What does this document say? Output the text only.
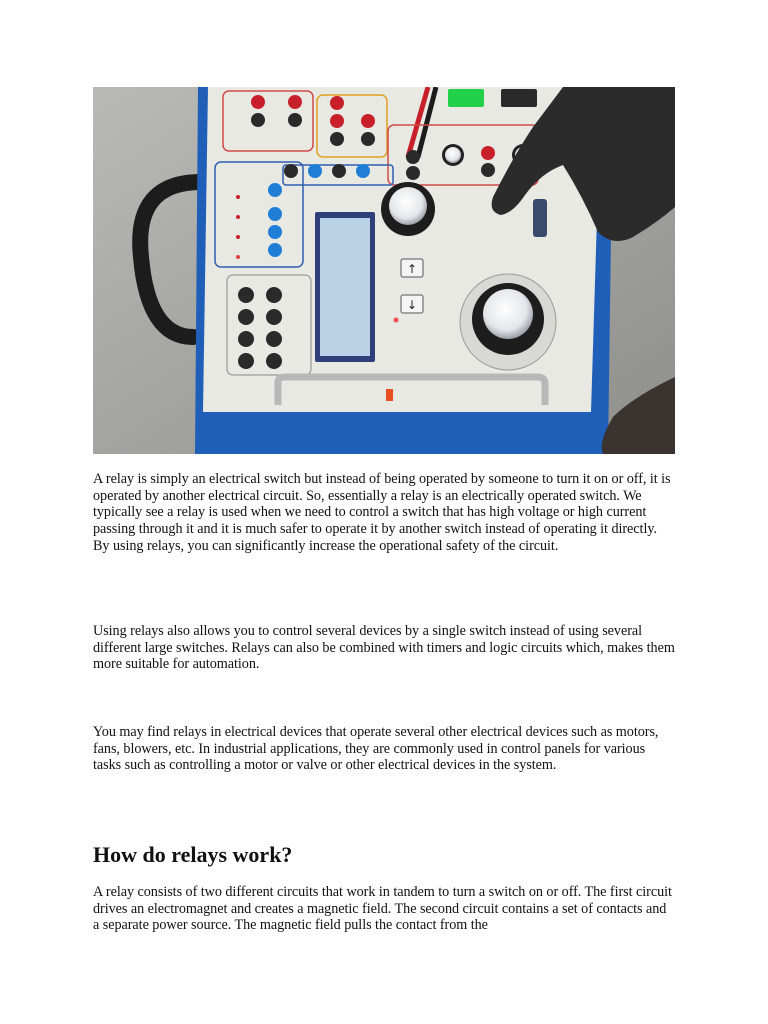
↑
↓

A relay is simply an electrical switch but instead of being operated by someone to turn it on or off, it is operated by another electrical circuit. So, essentially a relay is an electrically operated switch. We typically see a relay is used when we need to control a switch that has high voltage or high current passing through it and it is much safer to operate it by another switch instead of operating it directly. By using relays, you can significantly increase the operational safety of the circuit.

Using relays also allows you to control several devices by a single switch instead of using several different large switches. Relays can also be combined with timers and logic circuits which, makes them more suitable for automation.

You may find relays in electrical devices that operate several other electrical devices such as motors, fans, blowers, etc. In industrial applications, they are commonly used in control panels for various tasks such as controlling a motor or valve or other electrical devices in the system.

How do relays work?

A relay consists of two different circuits that work in tandem to turn a switch on or off. The first circuit drives an electromagnet and creates a magnetic field. The second circuit contains a set of contacts and a separate power source. The magnetic field pulls the contact from the
